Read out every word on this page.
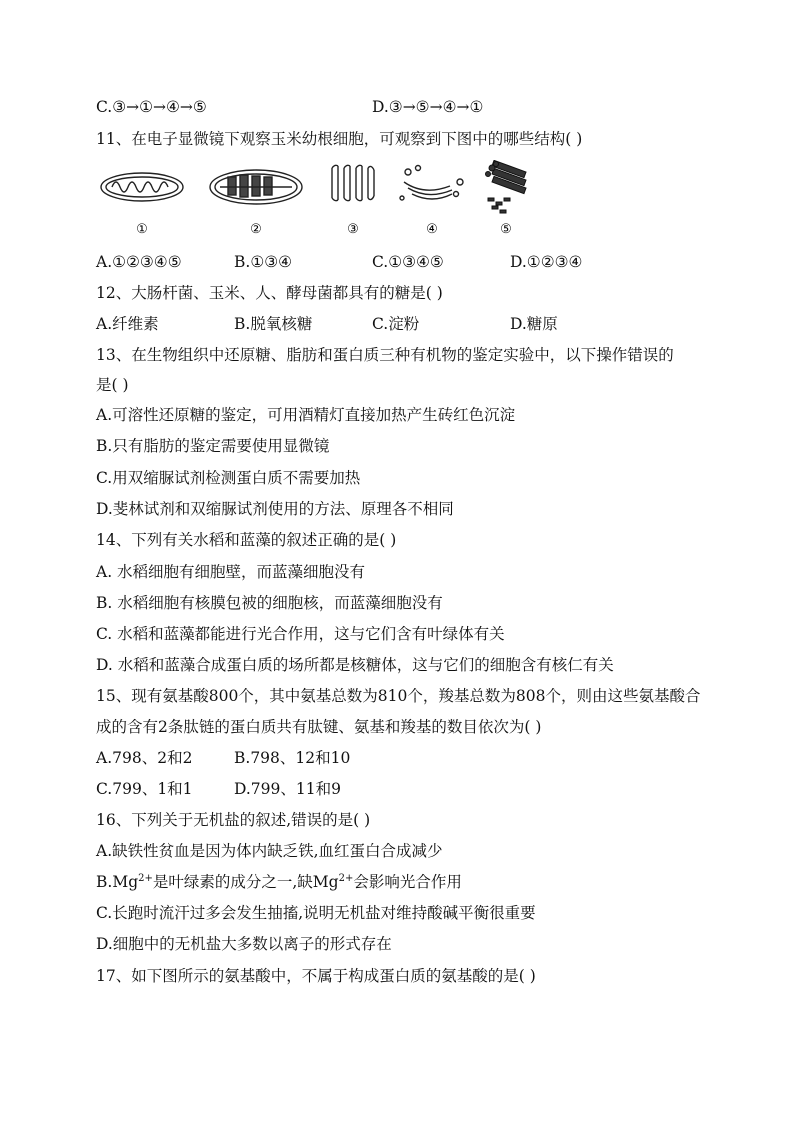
C.③→①→④→⑤	D.③→⑤→④→①
11、在电子显微镜下观察玉米幼根细胞，可观察到下图中的哪些结构( )
①	②	③	④	⑤
A.①②③④⑤	B.①③④	C.①③④⑤	D.①②③④
12、大肠杆菌、玉米、人、酵母菌都具有的糖是( )
A.纤维素	B.脱氧核糖	C.淀粉	D.糖原
13、在生物组织中还原糖、脂肪和蛋白质三种有机物的鉴定实验中，以下操作错误的
是( )
A.可溶性还原糖的鉴定，可用酒精灯直接加热产生砖红色沉淀
B.只有脂肪的鉴定需要使用显微镜
C.用双缩脲试剂检测蛋白质不需要加热
D.斐林试剂和双缩脲试剂使用的方法、原理各不相同
14、下列有关水稻和蓝藻的叙述正确的是( )
A. 水稻细胞有细胞壁，而蓝藻细胞没有
B. 水稻细胞有核膜包被的细胞核，而蓝藻细胞没有
C. 水稻和蓝藻都能进行光合作用，这与它们含有叶绿体有关
D. 水稻和蓝藻合成蛋白质的场所都是核糖体，这与它们的细胞含有核仁有关
15、现有氨基酸800个，其中氨基总数为810个，羧基总数为808个，则由这些氨基酸合
成的含有2条肽链的蛋白质共有肽键、氨基和羧基的数目依次为( )
A.798、2和2	B.798、12和10
C.799、1和1	D.799、11和9
16、下列关于无机盐的叙述,错误的是( )
A.缺铁性贫血是因为体内缺乏铁,血红蛋白合成减少
$B.Mg^{2+}$是叶绿素的成分之一,缺$Mg^{2+}$会影响光合作用
C.长跑时流汗过多会发生抽搐,说明无机盐对维持酸碱平衡很重要
D.细胞中的无机盐大多数以离子的形式存在
17、如下图所示的氨基酸中，不属于构成蛋白质的氨基酸的是( )
